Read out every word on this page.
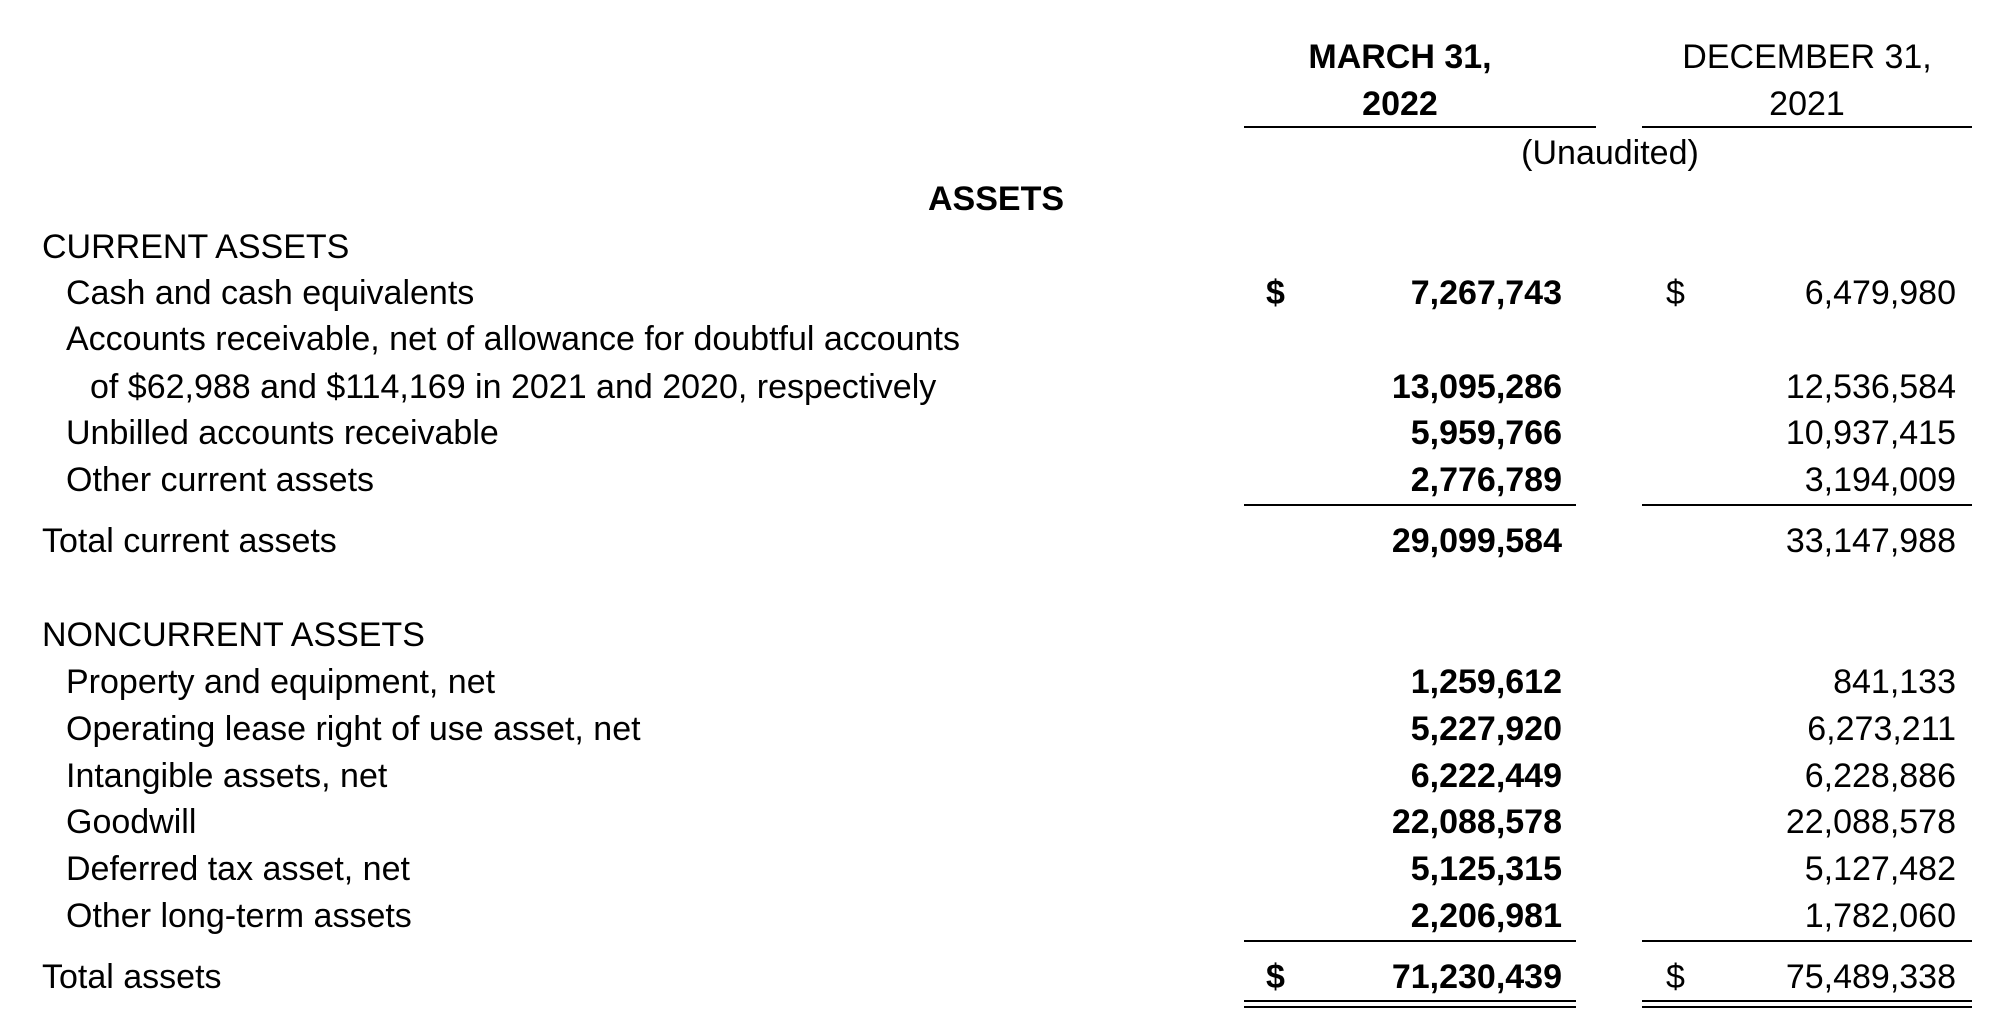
MARCH 31,
2022
DECEMBER 31,
2021
(Unaudited)
ASSETS
CURRENT ASSETS
Cash and cash equivalents	$	7,267,743	$	6,479,980
Accounts receivable, net of allowance for doubtful accounts
of $62,988 and $114,169 in 2021 and 2020, respectively	13,095,286	12,536,584
Unbilled accounts receivable	5,959,766	10,937,415
Other current assets	2,776,789	3,194,009
Total current assets	29,099,584	33,147,988
NONCURRENT ASSETS
Property and equipment, net	1,259,612	841,133
Operating lease right of use asset, net	5,227,920	6,273,211
Intangible assets, net	6,222,449	6,228,886
Goodwill	22,088,578	22,088,578
Deferred tax asset, net	5,125,315	5,127,482
Other long-term assets	2,206,981	1,782,060
Total assets	$	71,230,439	$	75,489,338
